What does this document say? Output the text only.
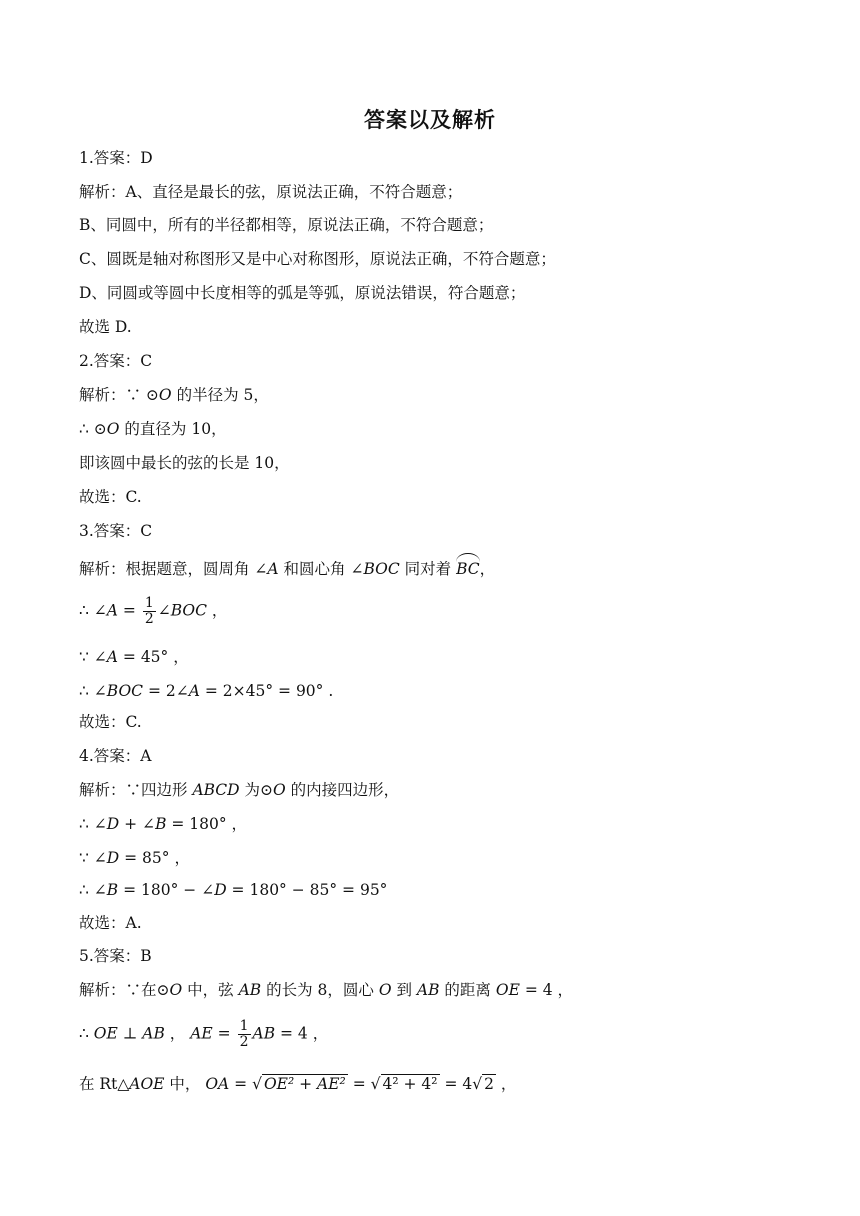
答案以及解析
1.答案：D
解析：A、直径是最长的弦，原说法正确，不符合题意；
B、同圆中，所有的半径都相等，原说法正确，不符合题意；
C、圆既是轴对称图形又是中心对称图形，原说法正确，不符合题意；
D、同圆或等圆中长度相等的弧是等弧，原说法错误，符合题意；
故选 D.
2.答案：C
解析：∵ ⊙O 的半径为 5，
∴ ⊙O 的直径为 10，
即该圆中最长的弦的长是 10，
故选：C.
3.答案：C
解析：根据题意，圆周角 ∠A 和圆心角 ∠BOC 同对着 BC，
∴ ∠A = $\frac{1}{2}$ ∠BOC ，
∵ ∠A = 45° ，
∴ ∠BOC = 2∠A = 2×45° = 90° .
故选：C.
4.答案：A
解析：∵四边形 ABCD 为⊙O 的内接四边形，
∴ ∠D + ∠B = 180° ，
∵ ∠D = 85° ，
∴ ∠B = 180° − ∠D = 180° − 85° = 95°
故选：A.
5.答案：B
解析：∵在⊙O 中，弦 AB 的长为 8，圆心 O 到 AB 的距离 OE = 4 ，
∴ OE ⊥ AB ， AE = $\frac{1}{2}$ AB = 4 ，
在 Rt△AOE 中， OA = √ OE² + AE² = √ 4² + 4² = 4√ 2 ，
